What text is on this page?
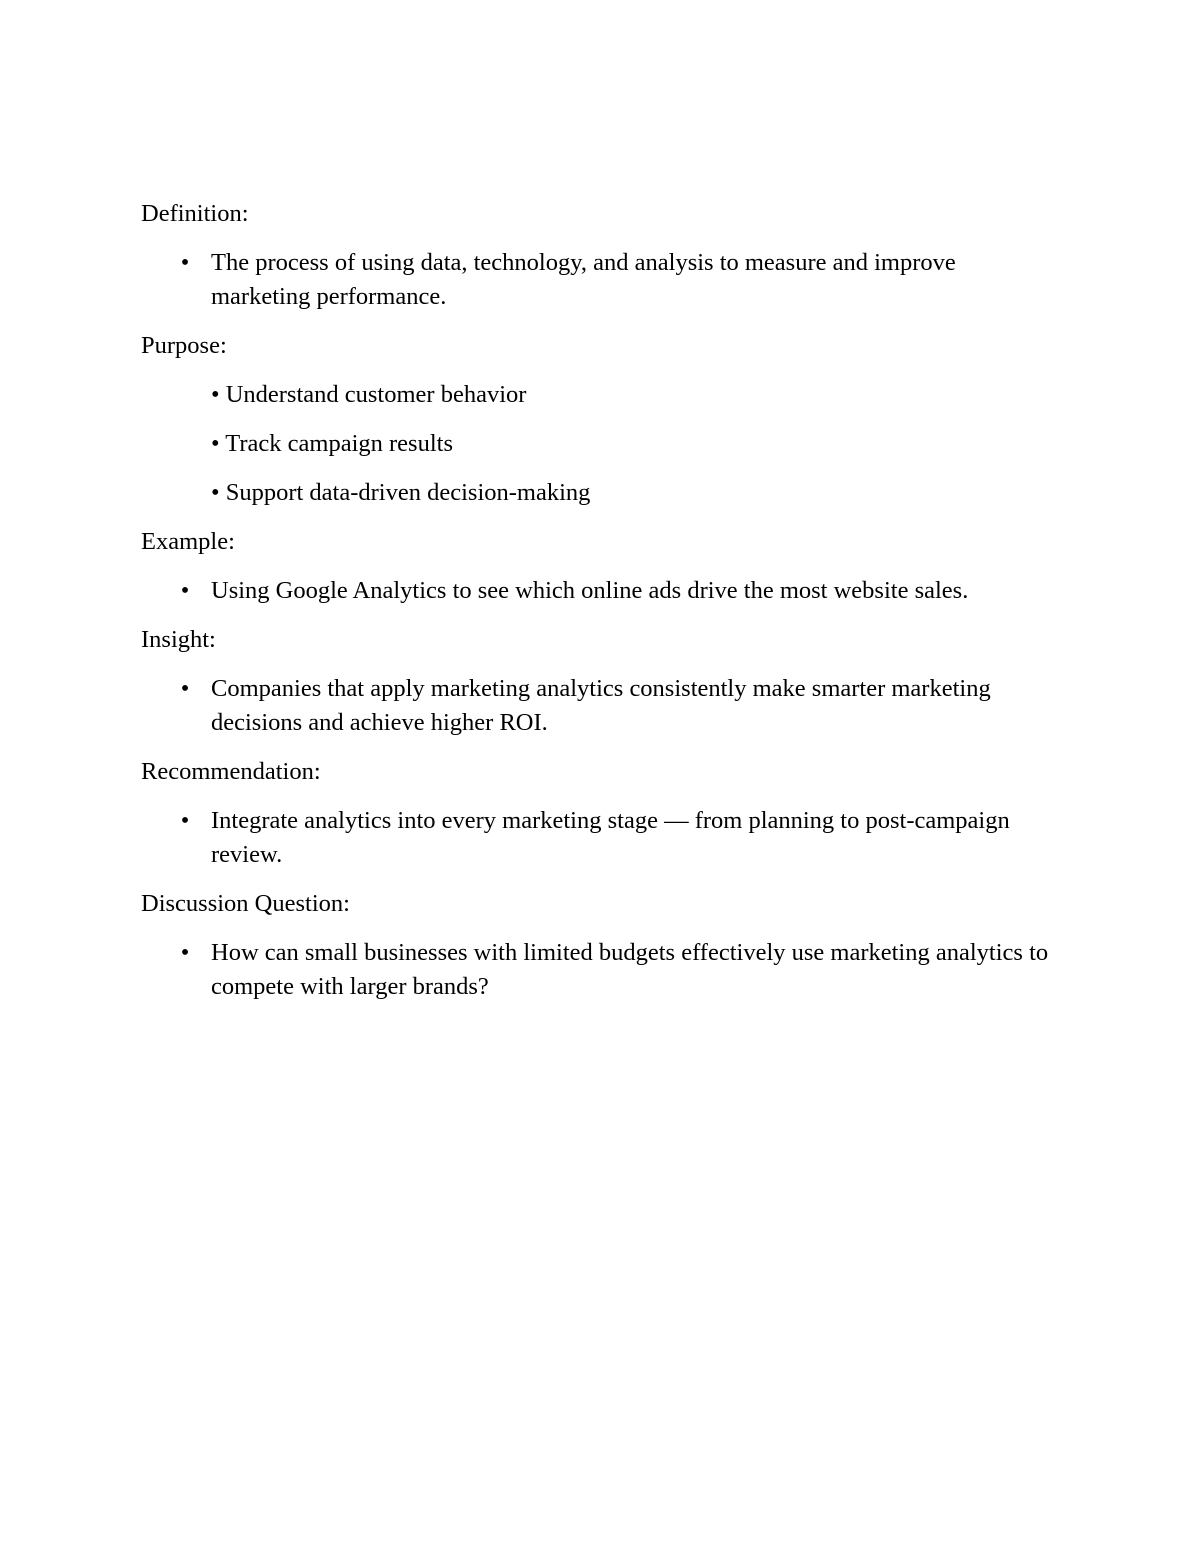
Definition:
• The process of using data, technology, and analysis to measure and improve marketing performance.
Purpose:
• Understand customer behavior
• Track campaign results
• Support data-driven decision-making
Example:
• Using Google Analytics to see which online ads drive the most website sales.
Insight:
• Companies that apply marketing analytics consistently make smarter marketing decisions and achieve higher ROI.
Recommendation:
• Integrate analytics into every marketing stage — from planning to post-campaign review.
Discussion Question:
• How can small businesses with limited budgets effectively use marketing analytics to compete with larger brands?
